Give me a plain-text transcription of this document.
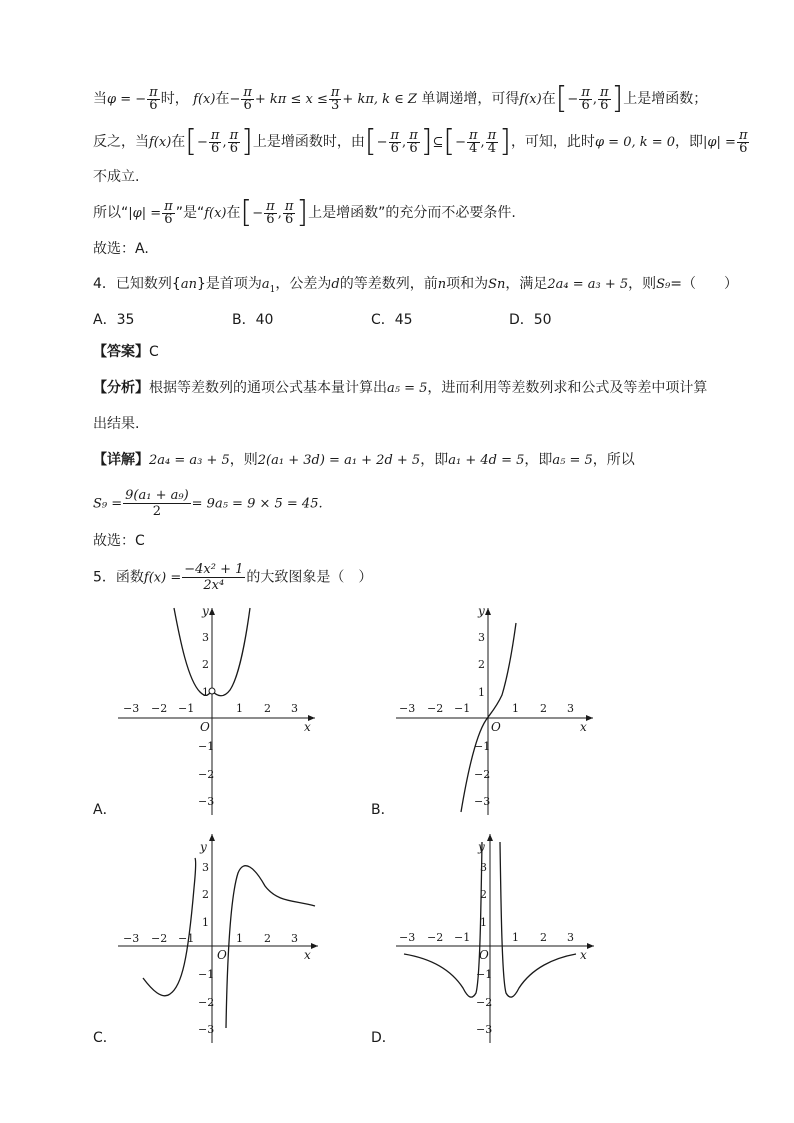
当φ = − $\frac{\pi}{6}$ 时， f(x)在− $\frac{\pi}{6} + k\pi \le x \le \frac{\pi}{3} + k\pi$, k ∈ Z 单调递增，可得f(x)在[− $\frac{\pi}{6}$ , $\frac{\pi}{6}$ ]上是增函数；
反之，当f(x)在[− $\frac{\pi}{6}$ , $\frac{\pi}{6}$ ]上是增函数时，由[− $\frac{\pi}{6}$ , $\frac{\pi}{6}$ ]⊆[− $\frac{\pi}{4}$ , $\frac{\pi}{4}$ ]，可知，此时φ = 0, k = 0，即$|\varphi| = \frac{\pi}{6}$
不成立.
所以“$|\varphi| = \frac{\pi}{6}$ ”是“f(x)在[− $\frac{\pi}{6}$ , $\frac{\pi}{6}$ ]上是增函数”的充分而不必要条件.
故选：A.
4．已知数列{an}是首项为$a_1$，公差为d的等差数列，前n项和为Sn，满足2a₄ = a₃ + 5，则S₉=（　　）
A．35	B．40	C．45	D．50
【答案】C
【分析】根据等差数列的通项公式基本量计算出a₅ = 5，进而利用等差数列求和公式及等差中项计算
出结果.
【详解】2a₄ = a₃ + 5，则2(a₁ + 3d) = a₁ + 2d + 5，即a₁ + 4d = 5，即a₅ = 5，所以
$S_9 = \frac{\text{9(a₁ + a₉)}}{2} = 9a_5 = 9 \times 5 = 45$.
故选：C
5．函数$f(x) = \frac{\text{−4x² + 1}}{\text{2x⁴}}$ 的大致图象是（　）
x
y
O
−3 −2 −1	1 2 3
3
2
1
−1
−2
−3
A．
x
y
O
−3 −2 −1	1 2 3
3
2
1
−1
−2
−3
B．
x
y
O
−3 −2 −1	1 2 3
3
2
1
−1
−2
−3
C．
x
y
O
−3 −2 −1	1 2 3
3
2
1
−1
−2
−3
D．
